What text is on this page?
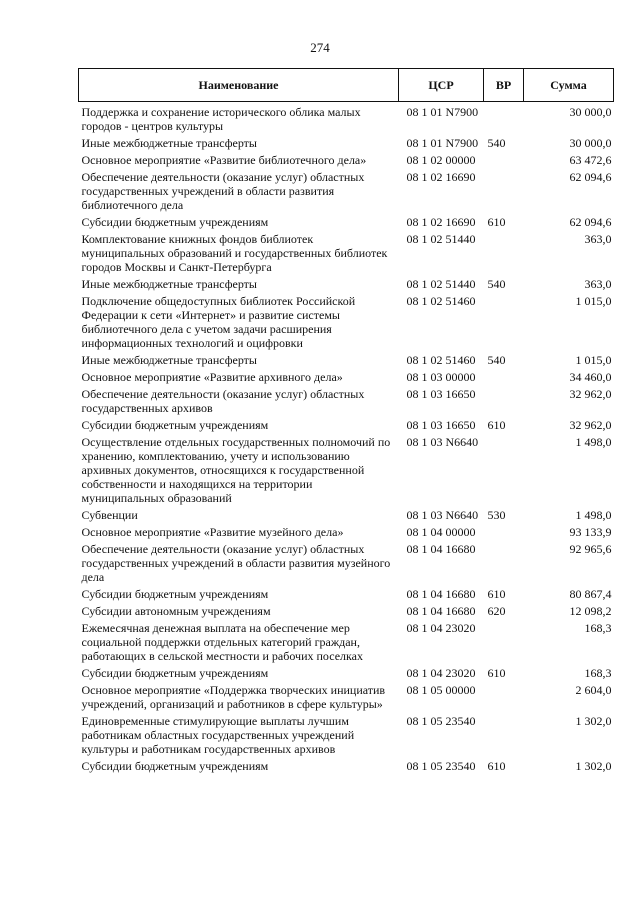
274
Наименование	ЦСР	ВР	Сумма
Поддержка и сохранение исторического облика малых городов - центров культуры	08 1 01 N7900		30 000,0
Иные межбюджетные трансферты	08 1 01 N7900	540	30 000,0
Основное мероприятие «Развитие библиотечного дела»	08 1 02 00000		63 472,6
Обеспечение деятельности (оказание услуг) областных государственных учреждений в области развития библиотечного дела	08 1 02 16690		62 094,6
Субсидии бюджетным учреждениям	08 1 02 16690	610	62 094,6
Комплектование книжных фондов библиотек муниципальных образований и государственных библиотек городов Москвы и Санкт-Петербурга	08 1 02 51440		363,0
Иные межбюджетные трансферты	08 1 02 51440	540	363,0
Подключение общедоступных библиотек Российской Федерации к сети «Интернет» и развитие системы библиотечного дела с учетом задачи расширения информационных технологий и оцифровки	08 1 02 51460		1 015,0
Иные межбюджетные трансферты	08 1 02 51460	540	1 015,0
Основное мероприятие «Развитие архивного дела»	08 1 03 00000		34 460,0
Обеспечение деятельности (оказание услуг) областных государственных архивов	08 1 03 16650		32 962,0
Субсидии бюджетным учреждениям	08 1 03 16650	610	32 962,0
Осуществление отдельных государственных полномочий по хранению, комплектованию, учету и использованию архивных документов, относящихся к государственной собственности и находящихся на территории муниципальных образований	08 1 03 N6640		1 498,0
Субвенции	08 1 03 N6640	530	1 498,0
Основное мероприятие «Развитие музейного дела»	08 1 04 00000		93 133,9
Обеспечение деятельности (оказание услуг) областных государственных учреждений в области развития музейного дела	08 1 04 16680		92 965,6
Субсидии бюджетным учреждениям	08 1 04 16680	610	80 867,4
Субсидии автономным учреждениям	08 1 04 16680	620	12 098,2
Ежемесячная денежная выплата на обеспечение мер социальной поддержки отдельных категорий граждан, работающих в сельской местности и рабочих поселках	08 1 04 23020		168,3
Субсидии бюджетным учреждениям	08 1 04 23020	610	168,3
Основное мероприятие «Поддержка творческих инициатив учреждений, организаций и работников в сфере культуры»	08 1 05 00000		2 604,0
Единовременные стимулирующие выплаты лучшим работникам областных государственных учреждений культуры и работникам государственных архивов	08 1 05 23540		1 302,0
Субсидии бюджетным учреждениям	08 1 05 23540	610	1 302,0
